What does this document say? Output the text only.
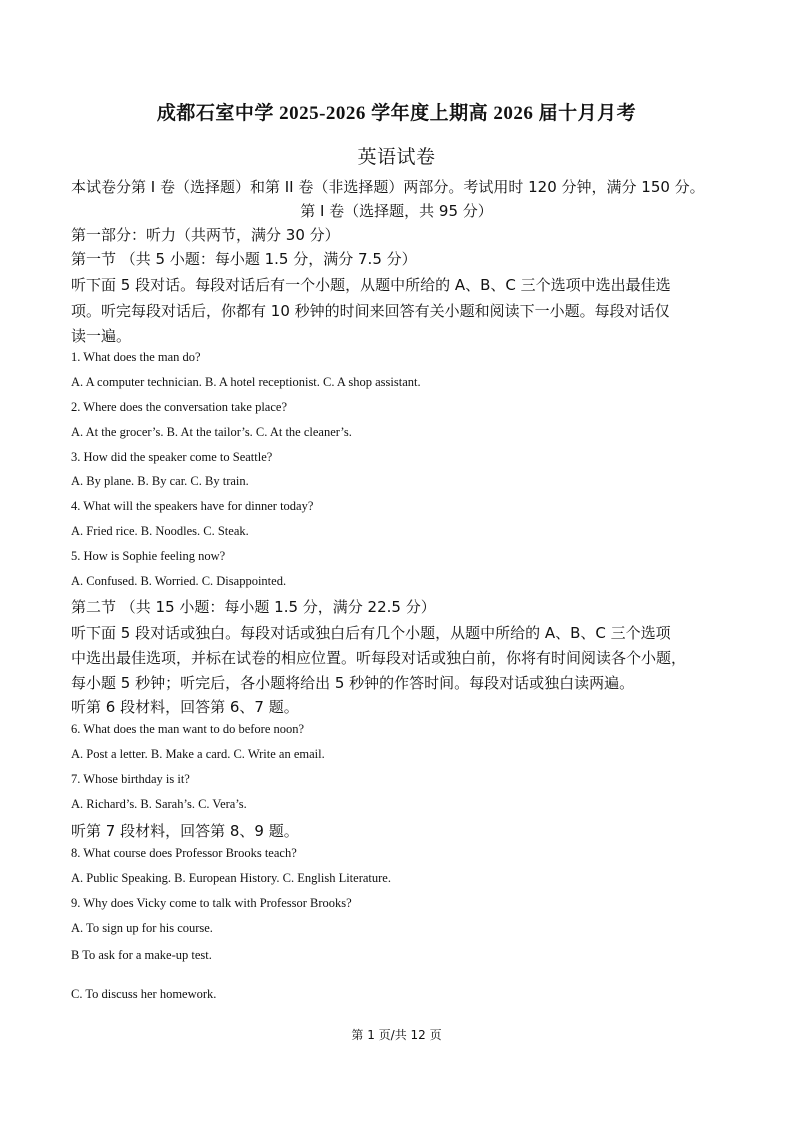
成都石室中学 2025-2026 学年度上期高 2026 届十月月考
英语试卷
本试卷分第 I 卷（选择题）和第 II 卷（非选择题）两部分。考试用时 120 分钟，满分 150 分。
第 I 卷（选择题，共 95 分）
第一部分：听力（共两节，满分 30 分）
第一节 （共 5 小题：每小题 1.5 分，满分 7.5 分）
听下面 5 段对话。每段对话后有一个小题，从题中所给的 A、B、C 三个选项中选出最佳选
项。听完每段对话后，你都有 10 秒钟的时间来回答有关小题和阅读下一小题。每段对话仅
读一遍。
1. What does the man do?
A. A computer technician. B. A hotel receptionist. C. A shop assistant.
2. Where does the conversation take place?
A. At the grocer’s. B. At the tailor’s. C. At the cleaner’s.
3. How did the speaker come to Seattle?
A. By plane. B. By car. C. By train.
4. What will the speakers have for dinner today?
A. Fried rice. B. Noodles. C. Steak.
5. How is Sophie feeling now?
A. Confused. B. Worried. C. Disappointed.
第二节 （共 15 小题：每小题 1.5 分，满分 22.5 分）
听下面 5 段对话或独白。每段对话或独白后有几个小题，从题中所给的 A、B、C 三个选项
中选出最佳选项，并标在试卷的相应位置。听每段对话或独白前，你将有时间阅读各个小题，
每小题 5 秒钟；听完后，各小题将给出 5 秒钟的作答时间。每段对话或独白读两遍。
听第 6 段材料，回答第 6、7 题。
6. What does the man want to do before noon?
A. Post a letter. B. Make a card. C. Write an email.
7. Whose birthday is it?
A. Richard’s. B. Sarah’s. C. Vera’s.
听第 7 段材料，回答第 8、9 题。
8. What course does Professor Brooks teach?
A. Public Speaking. B. European History. C. English Literature.
9. Why does Vicky come to talk with Professor Brooks?
A. To sign up for his course.
B To ask for a make-up test.
C. To discuss her homework.
第 1 页/共 12 页
